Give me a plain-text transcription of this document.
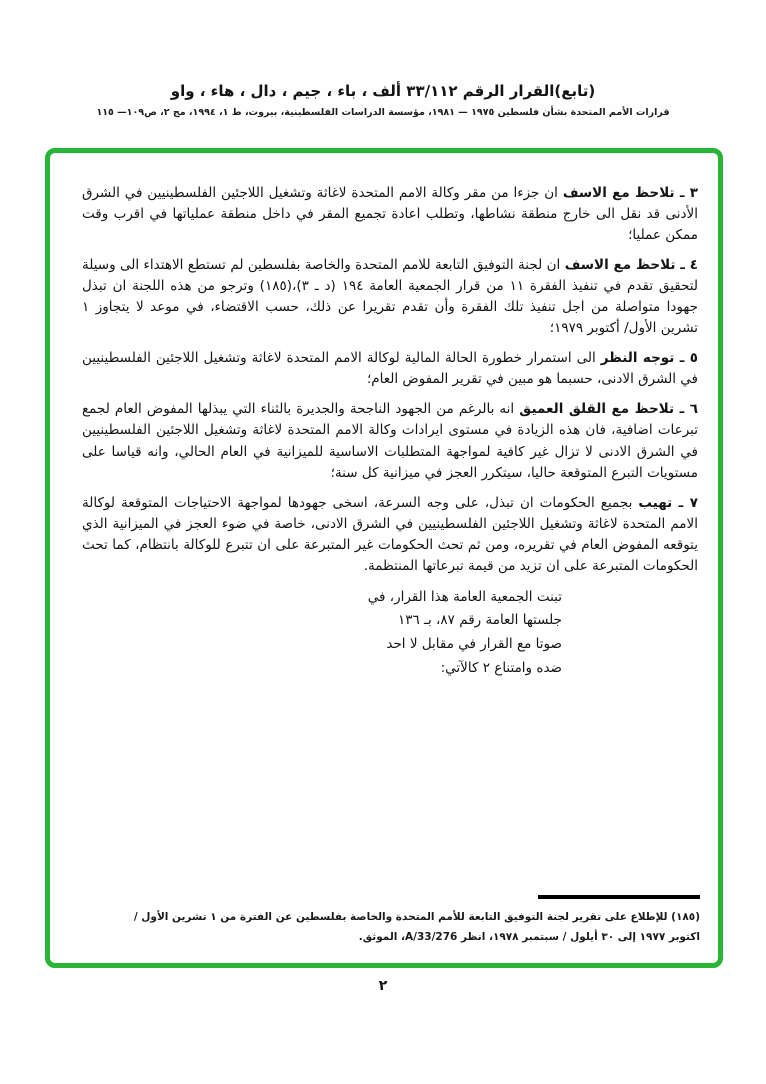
(تابع)القرار الرقم ٣٣/١١٢ ألف ، باء ، جيم ، دال ، هاء ، واو
قرارات الأمم المتحدة بشأن فلسطين ١٩٧٥ — ١٩٨١، مؤسسة الدراسات الفلسطينية، بيروت، ط ١، ١٩٩٤، مج ٢، ص١٠٩— ١١٥

٣ ـ تلاحظ مع الاسف ان جزءا من مقر وكالة الامم المتحدة لاغاثة وتشغيل اللاجئين الفلسطينيين في الشرق الأدنى قد نقل الى خارج منطقة نشاطها، وتطلب اعادة تجميع المقر في داخل منطقة عملياتها في اقرب وقت ممكن عمليا؛

٤ ـ تلاحظ مع الاسف ان لجنة التوفيق التابعة للامم المتحدة والخاصة بفلسطين لم تستطع الاهتداء الى وسيلة لتحقيق تقدم في تنفيذ الفقرة ١١ من قرار الجمعية العامة ١٩٤ (د ـ ٣)،(١٨٥) وترجو من هذه اللجنة ان تبذل جهودا متواصلة من اجل تنفيذ تلك الفقرة وأن تقدم تقريرا عن ذلك، حسب الاقتضاء، في موعد لا يتجاوز ١ تشرين الأول/ أكتوبر ١٩٧٩؛

٥ ـ توجه النظر الى استمرار خطورة الحالة المالية لوكالة الامم المتحدة لاغاثة وتشغيل اللاجئين الفلسطينيين في الشرق الادنى، حسبما هو مبين في تقرير المفوض العام؛

٦ ـ تلاحظ مع القلق العميق انه بالرغم من الجهود الناجحة والجديرة بالثناء التي يبذلها المفوض العام لجمع تبرعات اضافية، فان هذه الزيادة في مستوى ايرادات وكالة الامم المتحدة لاغاثة وتشغيل اللاجئين الفلسطينيين في الشرق الادنى لا تزال غير كافية لمواجهة المتطلبات الاساسية للميزانية في العام الحالي، وانه قياسا على مستويات التبرع المتوقعة حاليا، سيتكرر العجز في ميزانية كل سنة؛

٧ ـ تهيب بجميع الحكومات ان تبذل، على وجه السرعة، اسخى جهودها لمواجهة الاحتياجات المتوقعة لوكالة الامم المتحدة لاغاثة وتشغيل اللاجئين الفلسطينيين في الشرق الادنى، خاصة في ضوء العجز في الميزانية الذي يتوقعه المفوض العام في تقريره، ومن ثم تحث الحكومات غير المتبرعة على ان تتبرع للوكالة بانتظام، كما تحث الحكومات المتبرعة على ان تزيد من قيمة تبرعاتها المنتظمة.

تبنت الجمعية العامة هذا القرار، في
جلستها العامة رقم ٨٧، بـ ١٣٦
صوتا مع القرار في مقابل لا احد
ضده وامتناع ٢ كالآتي:
(١٨٥) للإطلاع على تقرير لجنة التوفيق التابعة للأمم المتحدة والخاصة بفلسطين عن الفترة من ١ تشرين الأول /
اكتوبر ١٩٧٧ إلى ٣٠ أيلول / سبتمبر ١٩٧٨، انظر A/33/276، الموثق.
٢
